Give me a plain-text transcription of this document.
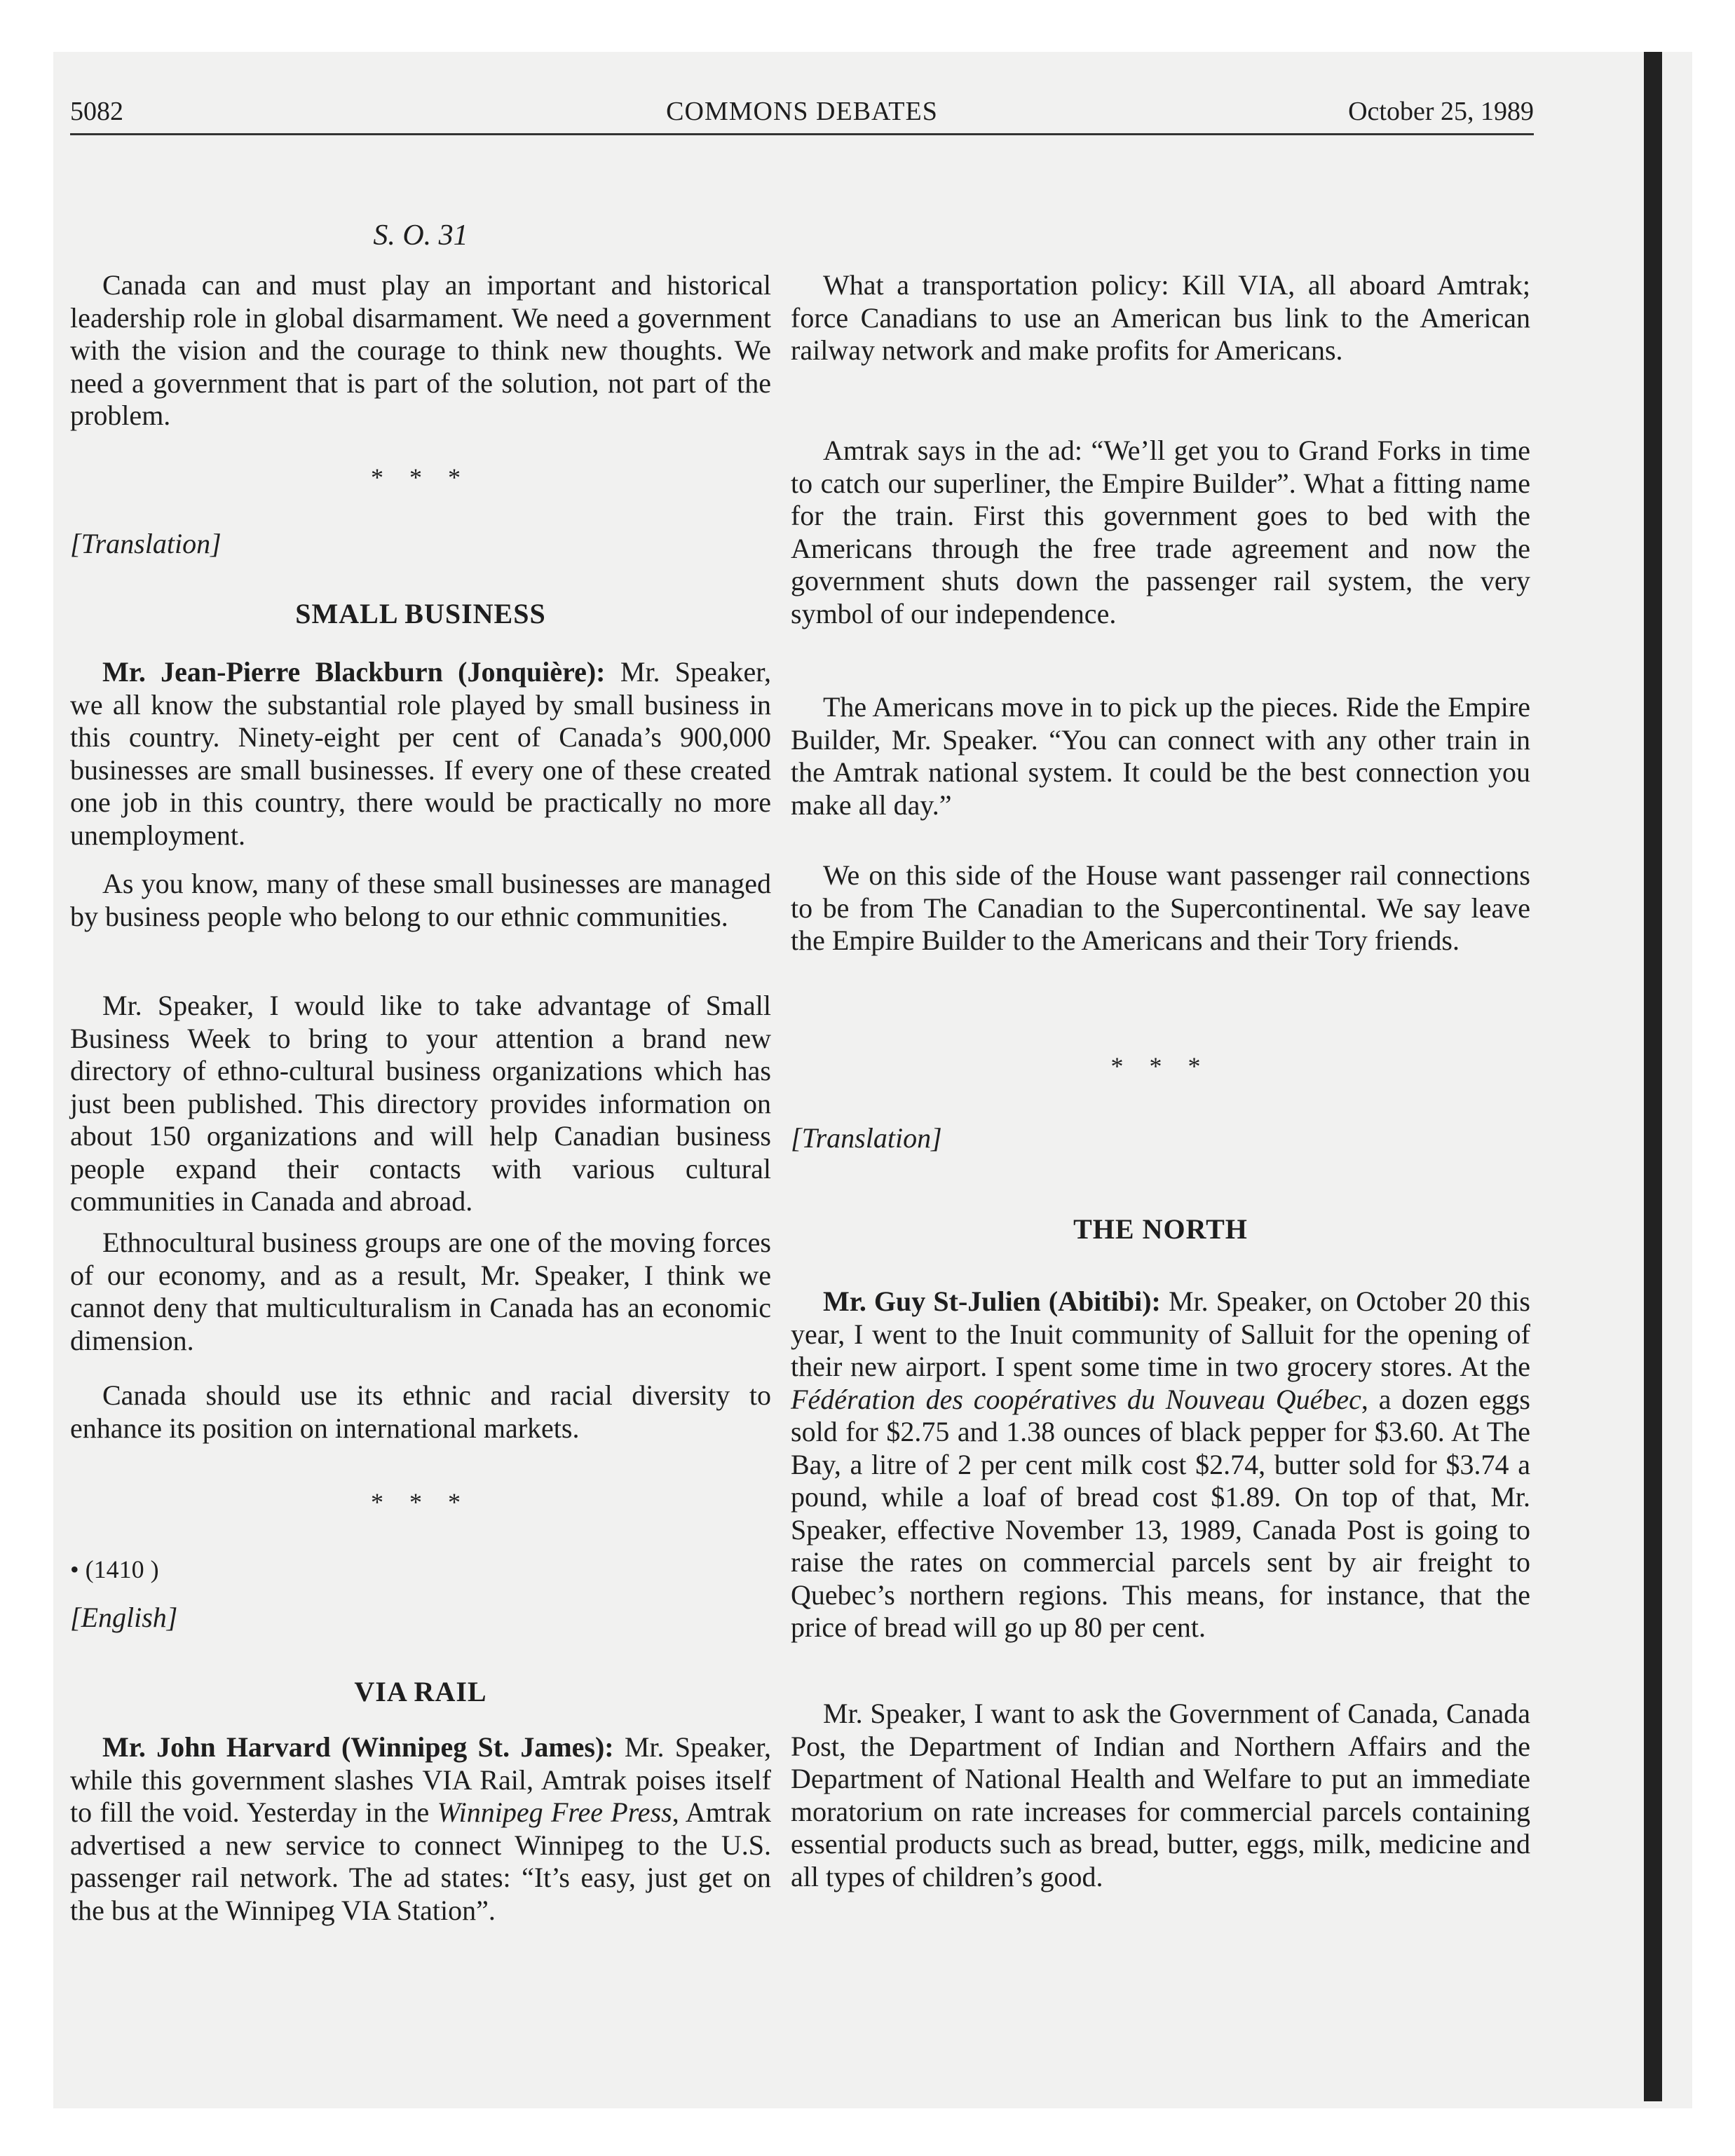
5082	COMMONS DEBATES	October 25, 1989
S. O. 31

Canada can and must play an important and historical leadership role in global disarmament. We need a government with the vision and the courage to think new thoughts. We need a government that is part of the solution, not part of the problem.

* * *
[Translation]
SMALL BUSINESS

Mr. Jean-Pierre Blackburn (Jonquière): Mr. Speaker, we all know the substantial role played by small business in this country. Ninety-eight per cent of Canada’s 900,000 businesses are small businesses. If every one of these created one job in this country, there would be practically no more unemployment.

As you know, many of these small businesses are managed by business people who belong to our ethnic communities.

Mr. Speaker, I would like to take advantage of Small Business Week to bring to your attention a brand new directory of ethno-cultural business organizations which has just been published. This directory provides information on about 150 organizations and will help Canadian business people expand their contacts with various cultural communities in Canada and abroad.

Ethnocultural business groups are one of the moving forces of our economy, and as a result, Mr. Speaker, I think we cannot deny that multiculturalism in Canada has an economic dimension.

Canada should use its ethnic and racial diversity to enhance its position on international markets.

* * *
• (1410 )
[English]
VIA RAIL

Mr. John Harvard (Winnipeg St. James): Mr. Speaker, while this government slashes VIA Rail, Amtrak poises itself to fill the void. Yesterday in the Winnipeg Free Press, Amtrak advertised a new service to connect Winnipeg to the U.S. passenger rail network. The ad states: “It’s easy, just get on the bus at the Winnipeg VIA Station”.

What a transportation policy: Kill VIA, all aboard Amtrak; force Canadians to use an American bus link to the American railway network and make profits for Americans.

Amtrak says in the ad: “We’ll get you to Grand Forks in time to catch our superliner, the Empire Builder”. What a fitting name for the train. First this government goes to bed with the Americans through the free trade agreement and now the government shuts down the passenger rail system, the very symbol of our independence.

The Americans move in to pick up the pieces. Ride the Empire Builder, Mr. Speaker. “You can connect with any other train in the Amtrak national system. It could be the best connection you make all day.”

We on this side of the House want passenger rail connections to be from The Canadian to the Supercontinental. We say leave the Empire Builder to the Americans and their Tory friends.

* * *
[Translation]
THE NORTH

Mr. Guy St-Julien (Abitibi): Mr. Speaker, on October 20 this year, I went to the Inuit community of Salluit for the opening of their new airport. I spent some time in two grocery stores. At the Fédération des coopératives du Nouveau Québec, a dozen eggs sold for $2.75 and 1.38 ounces of black pepper for $3.60. At The Bay, a litre of 2 per cent milk cost $2.74, butter sold for $3.74 a pound, while a loaf of bread cost $1.89. On top of that, Mr. Speaker, effective November 13, 1989, Canada Post is going to raise the rates on commercial parcels sent by air freight to Quebec’s northern regions. This means, for instance, that the price of bread will go up 80 per cent.

Mr. Speaker, I want to ask the Government of Canada, Canada Post, the Department of Indian and Northern Affairs and the Department of National Health and Welfare to put an immediate moratorium on rate increases for commercial parcels containing essential products such as bread, butter, eggs, milk, medicine and all types of children’s good.
